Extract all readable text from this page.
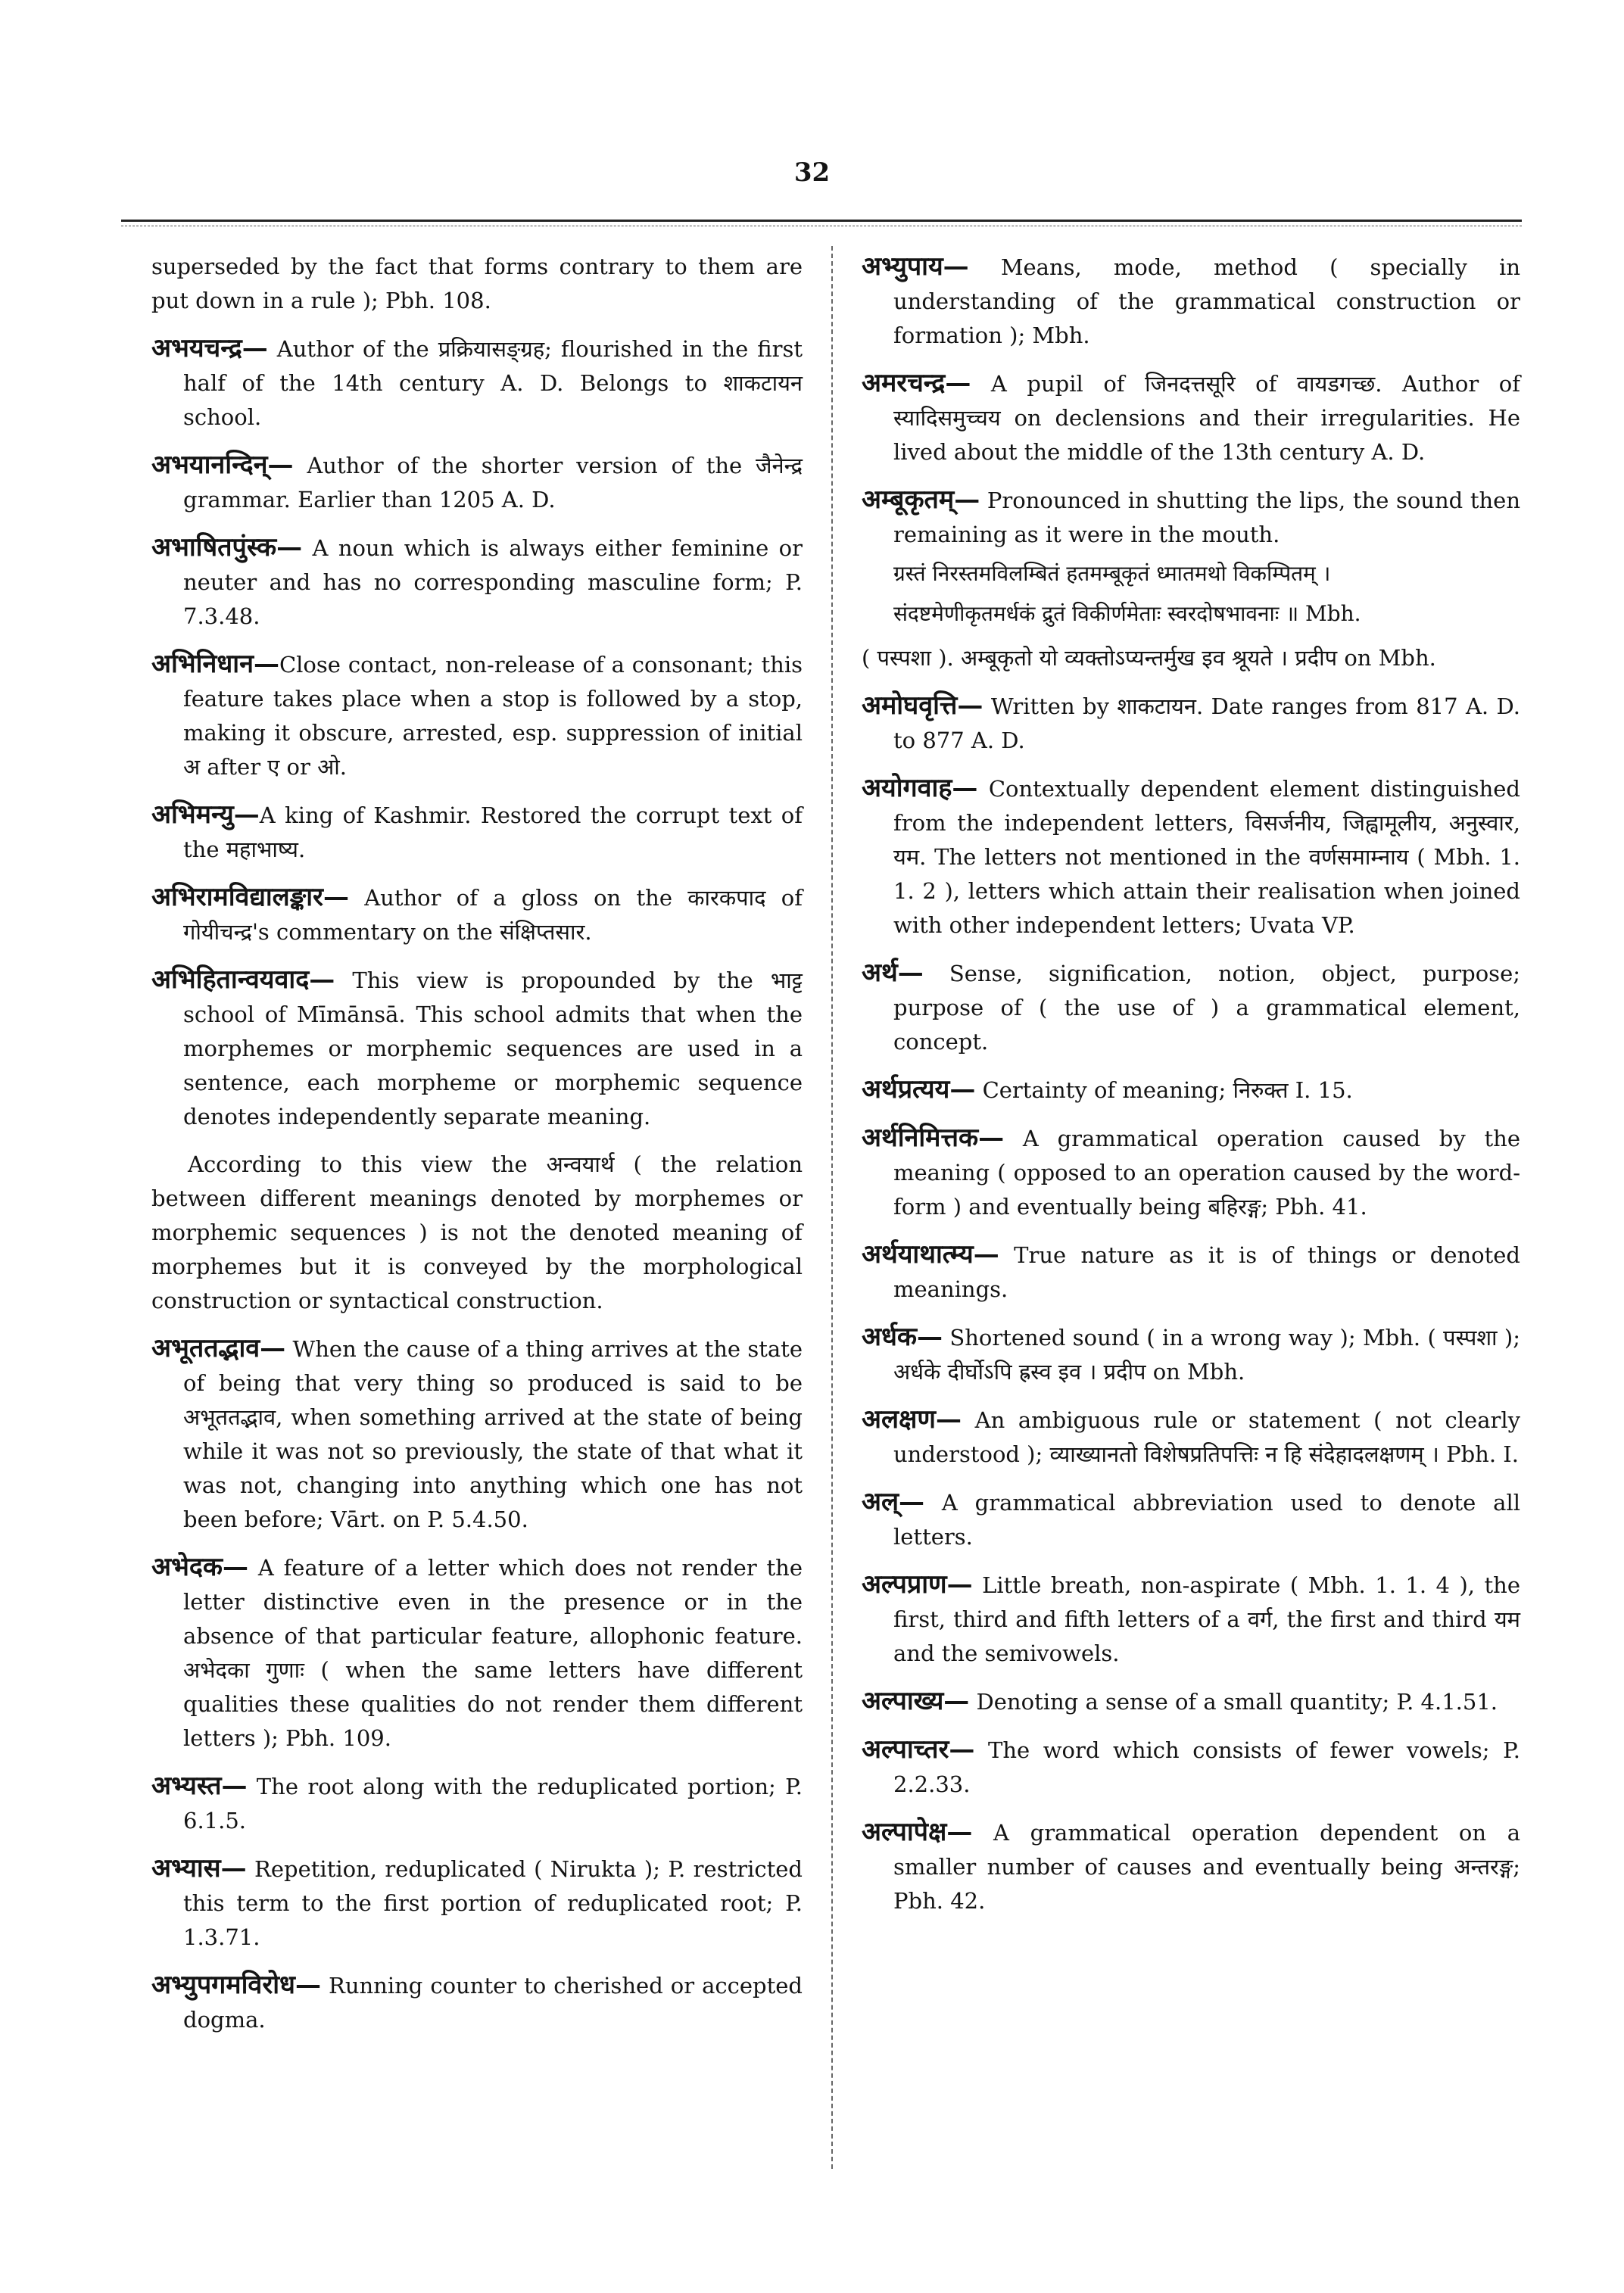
32

superseded by the fact that forms contrary to them are put down in a rule ); Pbh. 108.

अभयचन्द्र— Author of the प्रक्रियासङ्ग्रह; flourished in the first half of the 14th century A. D. Belongs to शाकटायन school.

अभयानन्दिन्— Author of the shorter version of the जैनेन्द्र grammar. Earlier than 1205 A. D.

अभाषितपुंस्क— A noun which is always either feminine or neuter and has no corresponding masculine form; P. 7.3.48.

अभिनिधान—Close contact, non-release of a consonant; this feature takes place when a stop is followed by a stop, making it obscure, arrested, esp. suppression of initial अ after ए or ओ.

अभिमन्यु—A king of Kashmir. Restored the corrupt text of the महाभाष्य.

अभिरामविद्यालङ्कार— Author of a gloss on the कारकपाद of गोयीचन्द्र's commentary on the संक्षिप्तसार.

अभिहितान्वयवाद— This view is propounded by the भाट्ट school of Mīmānsā. This school admits that when the morphemes or morphemic sequences are used in a sentence, each morpheme or morphemic sequence denotes independently separate meaning.

According to this view the अन्वयार्थ ( the relation between different meanings denoted by morphemes or morphemic sequences ) is not the denoted meaning of morphemes but it is conveyed by the morphological construction or syntactical construction.

अभूततद्भाव— When the cause of a thing arrives at the state of being that very thing so produced is said to be अभूततद्भाव, when something arrived at the state of being while it was not so previously, the state of that what it was not, changing into anything which one has not been before; Vārt. on P. 5.4.50.

अभेदक— A feature of a letter which does not render the letter distinctive even in the presence or in the absence of that particular feature, allophonic feature. अभेदका गुणाः ( when the same letters have different qualities these qualities do not render them different letters ); Pbh. 109.

अभ्यस्त— The root along with the reduplicated portion; P. 6.1.5.

अभ्यास— Repetition, reduplicated ( Nirukta ); P. restricted this term to the first portion of reduplicated root; P. 1.3.71.

अभ्युपगमविरोध— Running counter to cherished or accepted dogma.

अभ्युपाय— Means, mode, method ( specially in understanding of the grammatical construction or formation ); Mbh.

अमरचन्द्र— A pupil of जिनदत्तसूरि of वायडगच्छ. Author of स्यादिसमुच्चय on declensions and their irregularities. He lived about the middle of the 13th century A. D.

अम्बूकृतम्— Pronounced in shutting the lips, the sound then remaining as it were in the mouth.

ग्रस्तं निरस्तमविलम्बितं हतमम्बूकृतं ध्मातमथो विकम्पितम् ।

संदष्टमेणीकृतमर्धकं द्रुतं विकीर्णमेताः स्वरदोषभावनाः ॥ Mbh.

( पस्पशा ). अम्बूकृतो यो व्यक्तोऽप्यन्तर्मुख इव श्रूयते । प्रदीप on Mbh.

अमोघवृत्ति— Written by शाकटायन. Date ranges from 817 A. D. to 877 A. D.

अयोगवाह— Contextually dependent element distinguished from the independent letters, विसर्जनीय, जिह्वामूलीय, अनुस्वार, यम. The letters not mentioned in the वर्णसमाम्नाय ( Mbh. 1. 1. 2 ), letters which attain their realisation when joined with other independent letters; Uvata VP.

अर्थ— Sense, signification, notion, object, purpose; purpose of ( the use of ) a grammatical element, concept.

अर्थप्रत्यय— Certainty of meaning; निरुक्त I. 15.

अर्थनिमित्तक— A grammatical operation caused by the meaning ( opposed to an operation caused by the word-form ) and eventually being बहिरङ्ग; Pbh. 41.

अर्थयाथात्म्य— True nature as it is of things or denoted meanings.

अर्धक— Shortened sound ( in a wrong way ); Mbh. ( पस्पशा ); अर्धके दीर्घोऽपि ह्रस्व इव । प्रदीप on Mbh.

अलक्षण— An ambiguous rule or statement ( not clearly understood ); व्याख्यानतो विशेषप्रतिपत्तिः न हि संदेहादलक्षणम् । Pbh. I.

अल्— A grammatical abbreviation used to denote all letters.

अल्पप्राण— Little breath, non-aspirate ( Mbh. 1. 1. 4 ), the first, third and fifth letters of a वर्ग, the first and third यम and the semivowels.

अल्पाख्य— Denoting a sense of a small quantity; P. 4.1.51.

अल्पाच्तर— The word which consists of fewer vowels; P. 2.2.33.

अल्पापेक्ष— A grammatical operation dependent on a smaller number of causes and eventually being अन्तरङ्ग; Pbh. 42.
